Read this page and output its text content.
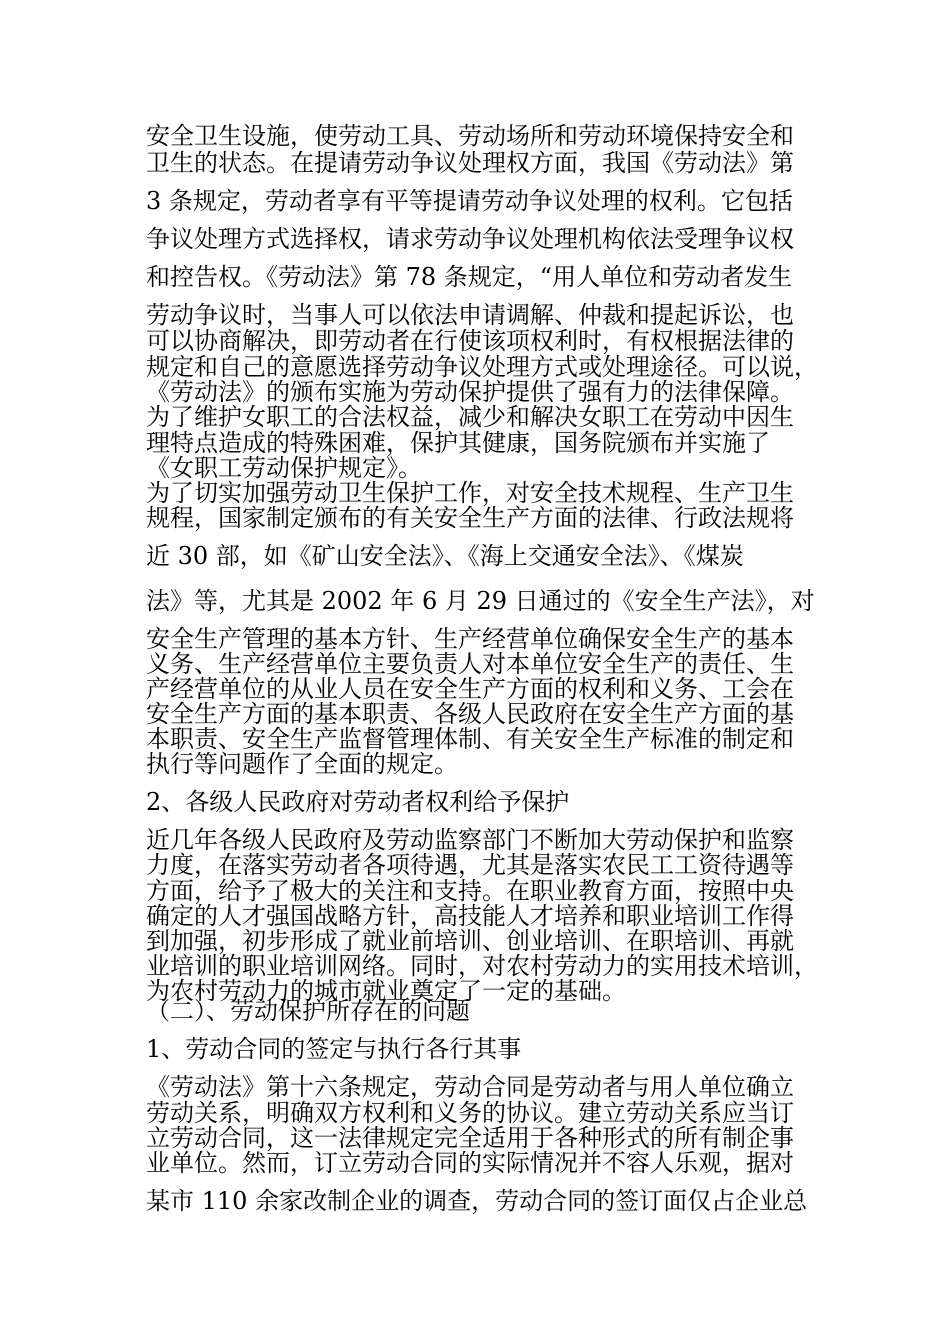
安全卫生设施，使劳动工具、劳动场所和劳动环境保持安全和
卫生的状态。在提请劳动争议处理权方面，我国《劳动法》第
3 条规定，劳动者享有平等提请劳动争议处理的权利。它包括
争议处理方式选择权，请求劳动争议处理机构依法受理争议权
和控告权。《劳动法》第 78 条规定，“用人单位和劳动者发生
劳动争议时，当事人可以依法申请调解、仲裁和提起诉讼，也
可以协商解决，即劳动者在行使该项权利时，有权根据法律的
规定和自己的意愿选择劳动争议处理方式或处理途径。可以说，
《劳动法》的颁布实施为劳动保护提供了强有力的法律保障。
为了维护女职工的合法权益，减少和解决女职工在劳动中因生
理特点造成的特殊困难，保护其健康，国务院颁布并实施了
《女职工劳动保护规定》。
为了切实加强劳动卫生保护工作，对安全技术规程、生产卫生
规程，国家制定颁布的有关安全生产方面的法律、行政法规将
近 30 部，如《矿山安全法》、《海上交通安全法》、《煤炭
法》等，尤其是 2002 年 6 月 29 日通过的《安全生产法》，对
安全生产管理的基本方针、生产经营单位确保安全生产的基本
义务、生产经营单位主要负责人对本单位安全生产的责任、生
产经营单位的从业人员在安全生产方面的权利和义务、工会在
安全生产方面的基本职责、各级人民政府在安全生产方面的基
本职责、安全生产监督管理体制、有关安全生产标准的制定和
执行等问题作了全面的规定。
2、各级人民政府对劳动者权利给予保护
近几年各级人民政府及劳动监察部门不断加大劳动保护和监察
力度，在落实劳动者各项待遇，尤其是落实农民工工资待遇等
方面，给予了极大的关注和支持。在职业教育方面，按照中央
确定的人才强国战略方针，高技能人才培养和职业培训工作得
到加强，初步形成了就业前培训、创业培训、在职培训、再就
业培训的职业培训网络。同时，对农村劳动力的实用技术培训，
为农村劳动力的城市就业奠定了一定的基础。
（二）、劳动保护所存在的问题
1、劳动合同的签定与执行各行其事
《劳动法》第十六条规定，劳动合同是劳动者与用人单位确立
劳动关系，明确双方权利和义务的协议。建立劳动关系应当订
立劳动合同，这一法律规定完全适用于各种形式的所有制企事
业单位。然而，订立劳动合同的实际情况并不容人乐观，据对
某市 110 余家改制企业的调查，劳动合同的签订面仅占企业总
